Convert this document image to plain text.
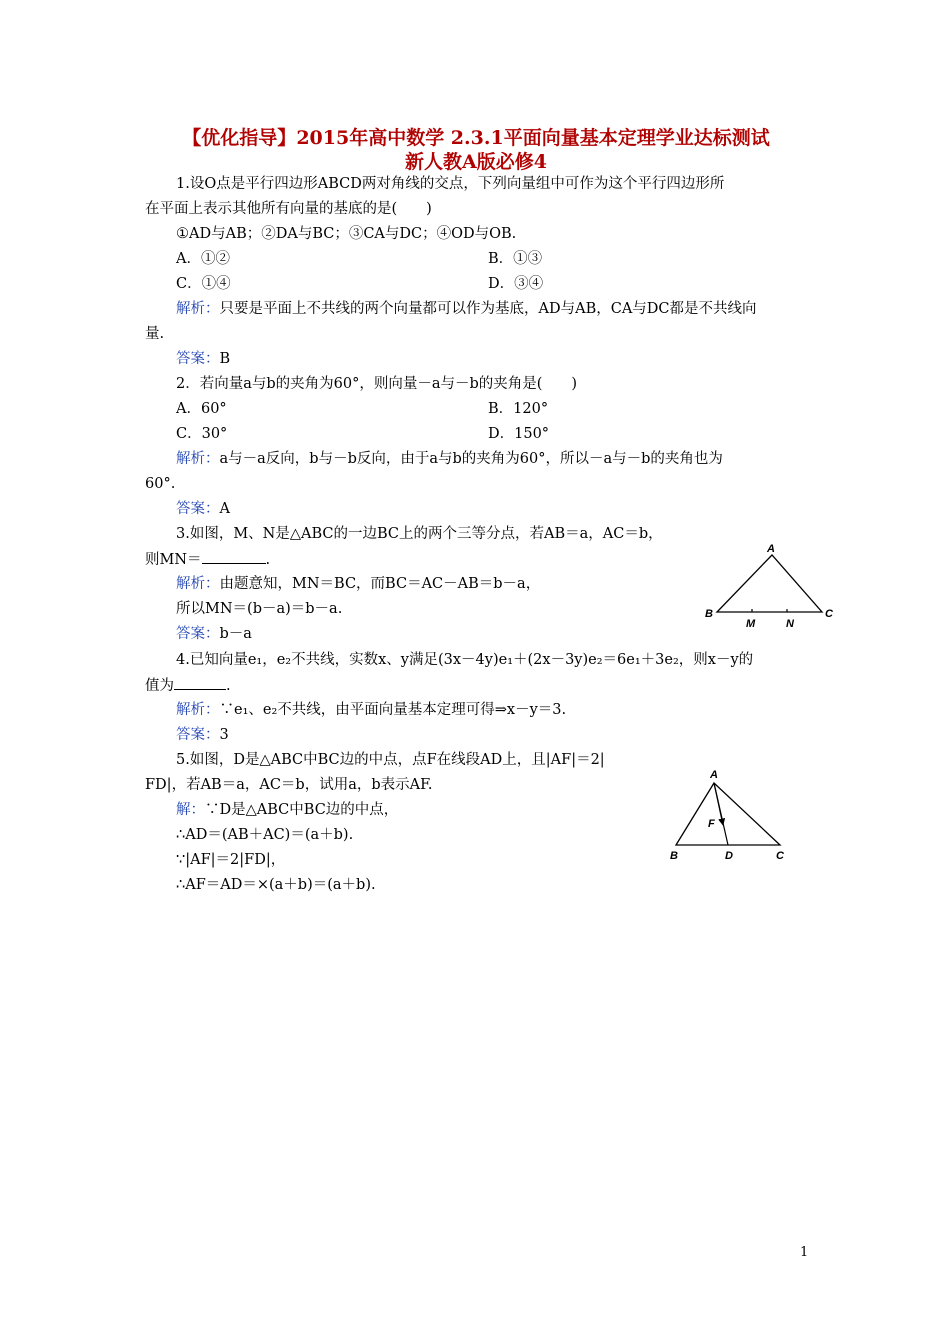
【优化指导】2015年高中数学 2.3.1平面向量基本定理学业达标测试
新人教A版必修4
1.设O点是平行四边形ABCD两对角线的交点，下列向量组中可作为这个平行四边形所
在平面上表示其他所有向量的基底的是(　　)
①AD与AB；②DA与BC；③CA与DC；④OD与OB.
A．①②	B．①③
C．①④	D．③④
解析：只要是平面上不共线的两个向量都可以作为基底，AD与AB，CA与DC都是不共线向
量.
答案：B
2．若向量a与b的夹角为60°，则向量－a与－b的夹角是(　　)
A．60°	B．120°
C．30°	D．150°
解析：a与－a反向，b与－b反向，由于a与b的夹角为60°，所以－a与－b的夹角也为
60°.
答案：A
3.如图，M、N是△ABC的一边BC上的两个三等分点，若AB＝a，AC＝b，
则MN＝	.
解析：由题意知，MN＝BC，而BC＝AC－AB＝b－a，
所以MN＝(b－a)＝b－a.
答案：b－a
A
B	C
M	N
4.已知向量e₁，e₂不共线，实数x、y满足(3x－4y)e₁＋(2x－3y)e₂＝6e₁＋3e₂，则x－y的
值为	.
解析：∵e₁、e₂不共线，由平面向量基本定理可得⇒x－y＝3.
答案：3
5.如图，D是△ABC中BC边的中点，点F在线段AD上，且|AF|＝2|
FD|，若AB＝a，AC＝b，试用a，b表示AF.
解：∵D是△ABC中BC边的中点，
∴AD＝(AB＋AC)＝(a＋b).
∵|AF|＝2|FD|，
∴AF＝AD＝×(a＋b)＝(a＋b).
A
B	D	C
F
1
